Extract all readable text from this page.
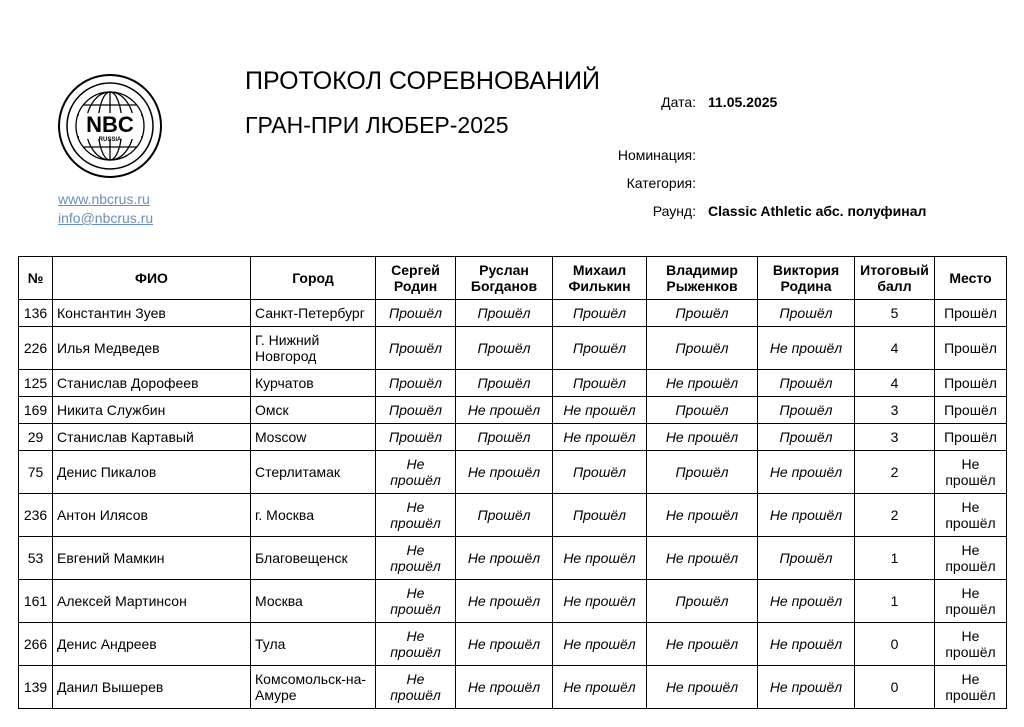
NBC
RUSSIA
www.nbcrus.ru
info@nbcrus.ru
ПРОТОКОЛ СОРЕВНОВАНИЙ
ГРАН-ПРИ ЛЮБЕР-2025
Дата: 11.05.2025
Номинация:
Категория:
Раунд: Classic Athletic абс. полуфинал
№	ФИО	Город	Сергей Родин	Руслан Богданов	Михаил Филькин	Владимир Рыженков	Виктория Родина	Итоговый балл	Место
136	Константин Зуев	Санкт-Петербург	Прошёл	Прошёл	Прошёл	Прошёл	Прошёл	5	Прошёл
226	Илья Медведев	Г. Нижний Новгород	Прошёл	Прошёл	Прошёл	Прошёл	Не прошёл	4	Прошёл
125	Станислав Дорофеев	Курчатов	Прошёл	Прошёл	Прошёл	Не прошёл	Прошёл	4	Прошёл
169	Никита Службин	Омск	Прошёл	Не прошёл	Не прошёл	Прошёл	Прошёл	3	Прошёл
29	Станислав Картавый	Moscow	Прошёл	Прошёл	Не прошёл	Не прошёл	Прошёл	3	Прошёл
75	Денис Пикалов	Стерлитамак	Не прошёл	Не прошёл	Прошёл	Прошёл	Не прошёл	2	Не прошёл
236	Антон Илясов	г. Москва	Не прошёл	Прошёл	Прошёл	Не прошёл	Не прошёл	2	Не прошёл
53	Евгений Мамкин	Благовещенск	Не прошёл	Не прошёл	Не прошёл	Не прошёл	Прошёл	1	Не прошёл
161	Алексей Мартинсон	Москва	Не прошёл	Не прошёл	Не прошёл	Прошёл	Не прошёл	1	Не прошёл
266	Денис Андреев	Тула	Не прошёл	Не прошёл	Не прошёл	Не прошёл	Не прошёл	0	Не прошёл
139	Данил Вышерев	Комсомольск-на-Амуре	Не прошёл	Не прошёл	Не прошёл	Не прошёл	Не прошёл	0	Не прошёл
